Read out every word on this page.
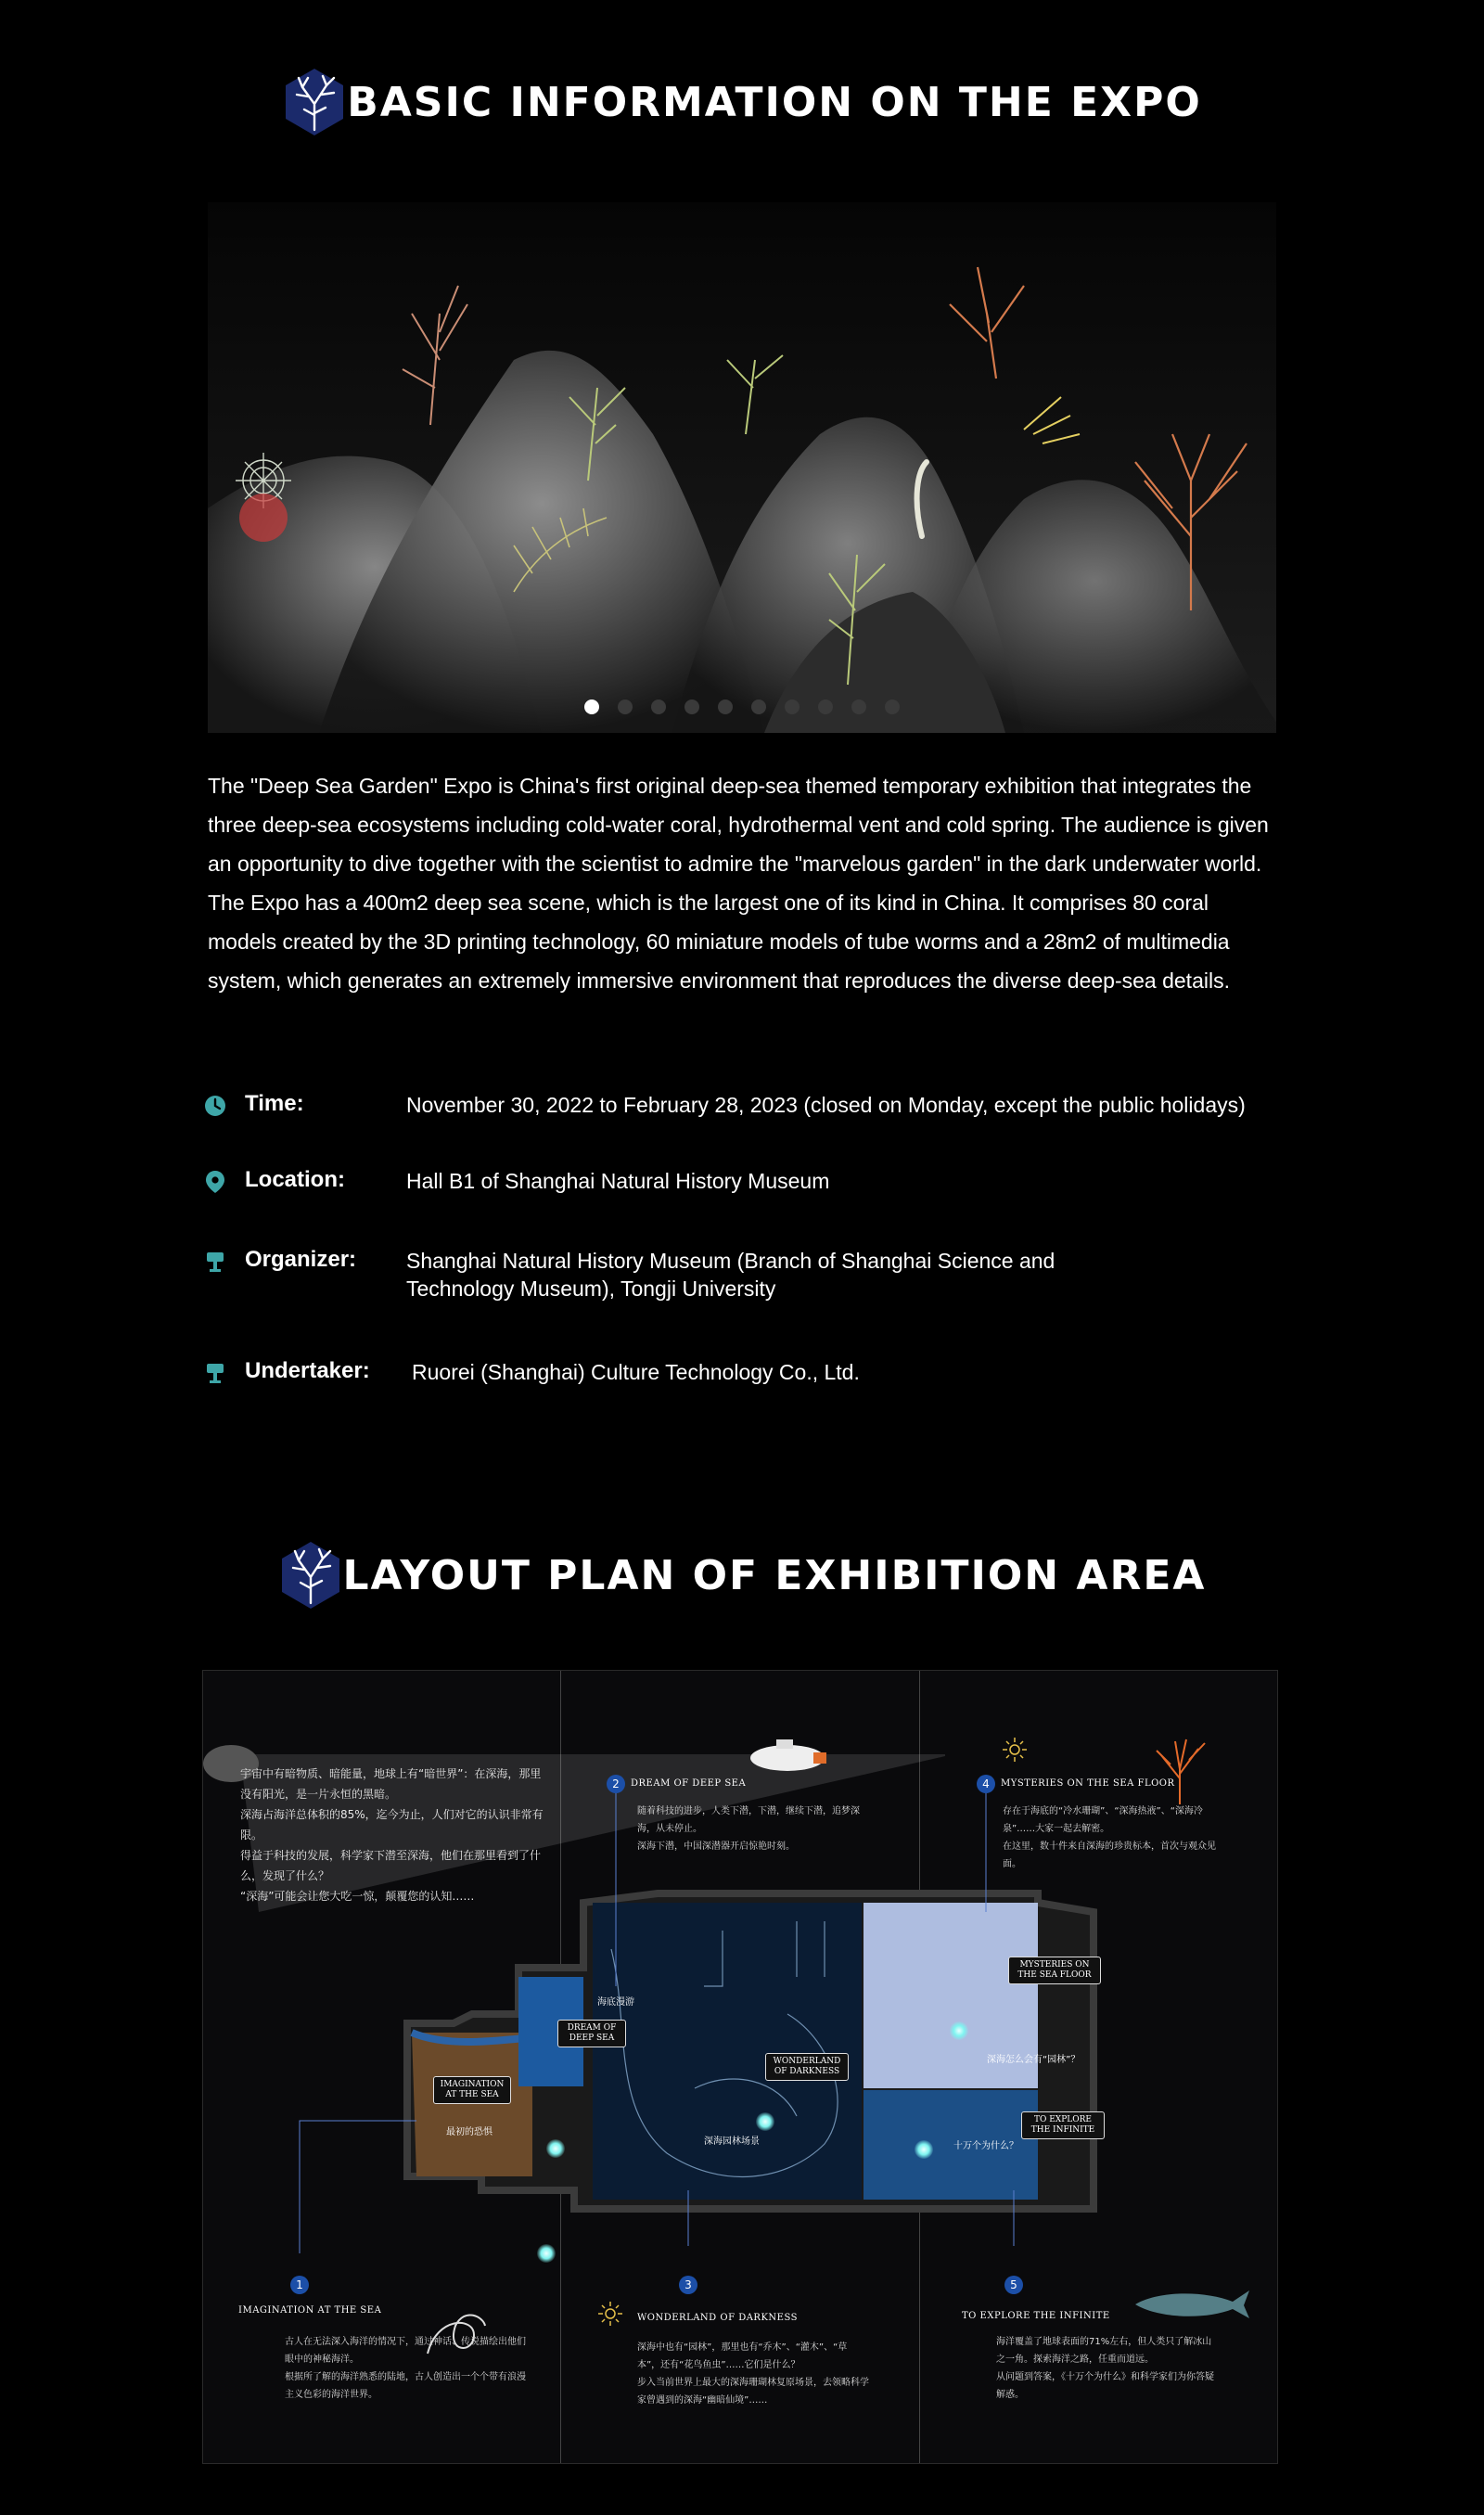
BASIC INFORMATION ON THE EXPO

The "Deep Sea Garden" Expo is China's first original deep-sea themed temporary exhibition that integrates the three deep-sea ecosystems including cold-water coral, hydrothermal vent and cold spring. The audience is given an opportunity to dive together with the scientist to admire the "marvelous garden" in the dark underwater world. The Expo has a 400m2 deep sea scene, which is the largest one of its kind in China. It comprises 80 coral models created by the 3D printing technology, 60 miniature models of tube worms and a 28m2 of multimedia system, which generates an extremely immersive environment that reproduces the diverse deep-sea details.

Time:	November 30, 2022 to February 28, 2023 (closed on Monday, except the public holidays)
Location:	Hall B1 of Shanghai Natural History Museum
Organizer:	Shanghai Natural History Museum (Branch of Shanghai Science and Technology Museum), Tongji University
Undertaker:	Ruorei (Shanghai) Culture Technology Co., Ltd.
LAYOUT PLAN OF EXHIBITION AREA
宇宙中有暗物质、暗能量，地球上有“暗世界”：在深海，那里没有阳光，是一片永恒的黑暗。
深海占海洋总体积的85%，迄今为止，人们对它的认识非常有限。
得益于科技的发展，科学家下潜至深海，他们在那里看到了什么，发现了什么？
“深海”可能会让您大吃一惊，颠覆您的认知……
IMAGINATION AT THE SEA
DREAM OF DEEP SEA
WONDERLAND OF DARKNESS
MYSTERIES ON THE SEA FLOOR
TO EXPLORE THE INFINITE
最初的恐惧
海底漫游
深海园林场景
深海怎么会有“园林”？
十万个为什么？
1
2
3
4
5
IMAGINATION AT THE SEA
DREAM OF DEEP SEA
WONDERLAND OF DARKNESS
MYSTERIES ON THE SEA FLOOR
TO EXPLORE THE INFINITE
古人在无法深入海洋的情况下，通过神话、传说描绘出他们眼中的神秘海洋。
根据所了解的海洋熟悉的陆地，古人创造出一个个带有浪漫主义色彩的海洋世界。
随着科技的进步，人类下潜，下潜，继续下潜，追梦深海，从未停止。
深海下潜，中国深潜器开启惊艳时刻。
深海中也有“园林”，那里也有“乔木”、“灌木”、“草本”，还有“花鸟鱼虫”……它们是什么？
步入当前世界上最大的深海珊瑚林复原场景，去领略科学家曾遇到的深海“幽暗仙境”……
存在于海底的“冷水珊瑚”、“深海热液”、“深海冷泉”……大家一起去解密。
在这里，数十件来自深海的珍贵标本，首次与观众见面。
海洋覆盖了地球表面的71%左右，但人类只了解冰山之一角。探索海洋之路，任重而道远。
从问题到答案，《十万个为什么》和科学家们为你答疑解惑。
